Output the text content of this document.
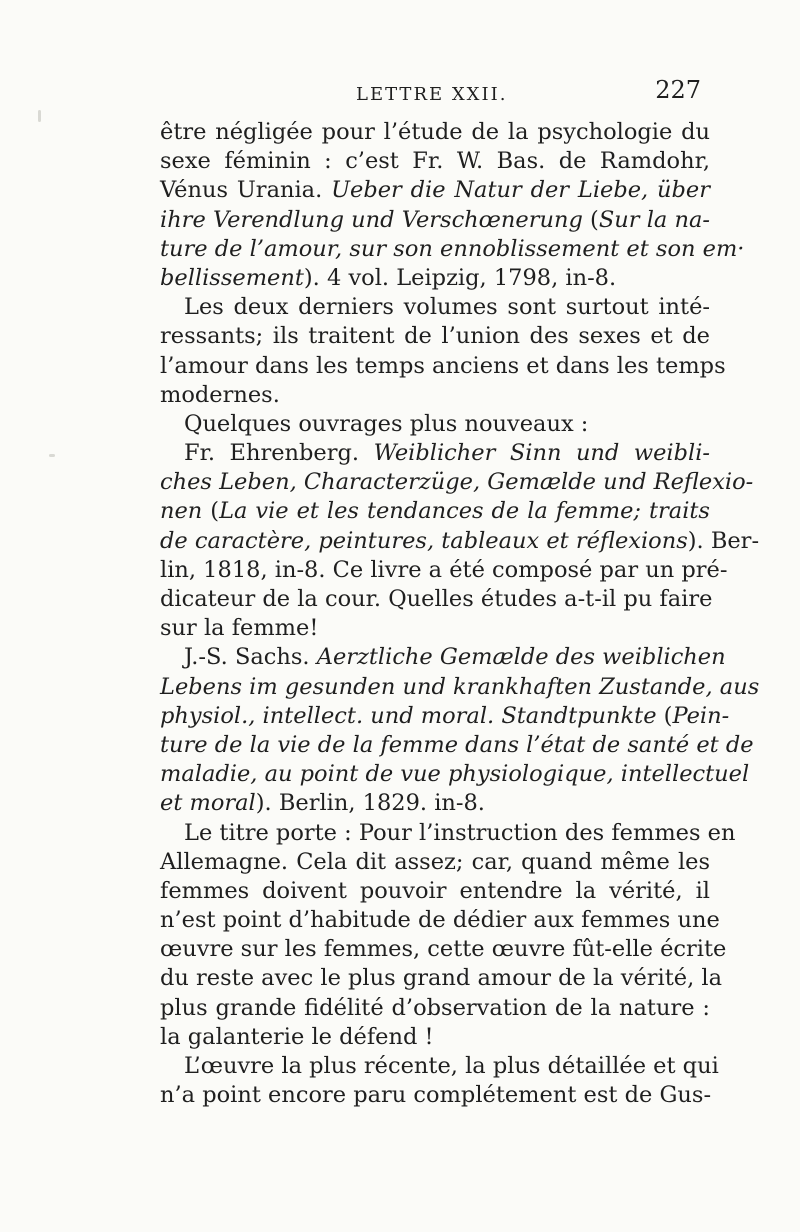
LETTRE XXII.	227
être négligée pour l’étude de la psychologie du
sexe féminin : c’est Fr. W. Bas. de Ramdohr,
Vénus Urania. Ueber die Natur der Liebe, über
ihre Verendlung und Verschœnerung (Sur la na-
ture de l’amour, sur son ennoblissement et son em·
bellissement). 4 vol. Leipzig, 1798, in-8.
Les deux derniers volumes sont surtout inté-
ressants; ils traitent de l’union des sexes et de
l’amour dans les temps anciens et dans les temps
modernes.
Quelques ouvrages plus nouveaux :
Fr. Ehrenberg. Weiblicher Sinn und weibli-
ches Leben, Characterzüge, Gemælde und Reflexio-
nen (La vie et les tendances de la femme; traits
de caractère, peintures, tableaux et réflexions). Ber-
lin, 1818, in-8. Ce livre a été composé par un pré-
dicateur de la cour. Quelles études a-t-il pu faire
sur la femme!
J.-S. Sachs. Aerztliche Gemælde des weiblichen
Lebens im gesunden und krankhaften Zustande, aus
physiol., intellect. und moral. Standtpunkte (Pein-
ture de la vie de la femme dans l’état de santé et de
maladie, au point de vue physiologique, intellectuel
et moral). Berlin, 1829. in-8.
Le titre porte : Pour l’instruction des femmes en
Allemagne. Cela dit assez; car, quand même les
femmes doivent pouvoir entendre la vérité, il
n’est point d’habitude de dédier aux femmes une
œuvre sur les femmes, cette œuvre fût-elle écrite
du reste avec le plus grand amour de la vérité, la
plus grande fidélité d’observation de la nature :
la galanterie le défend !
L’œuvre la plus récente, la plus détaillée et qui
n’a point encore paru complétement est de Gus-
